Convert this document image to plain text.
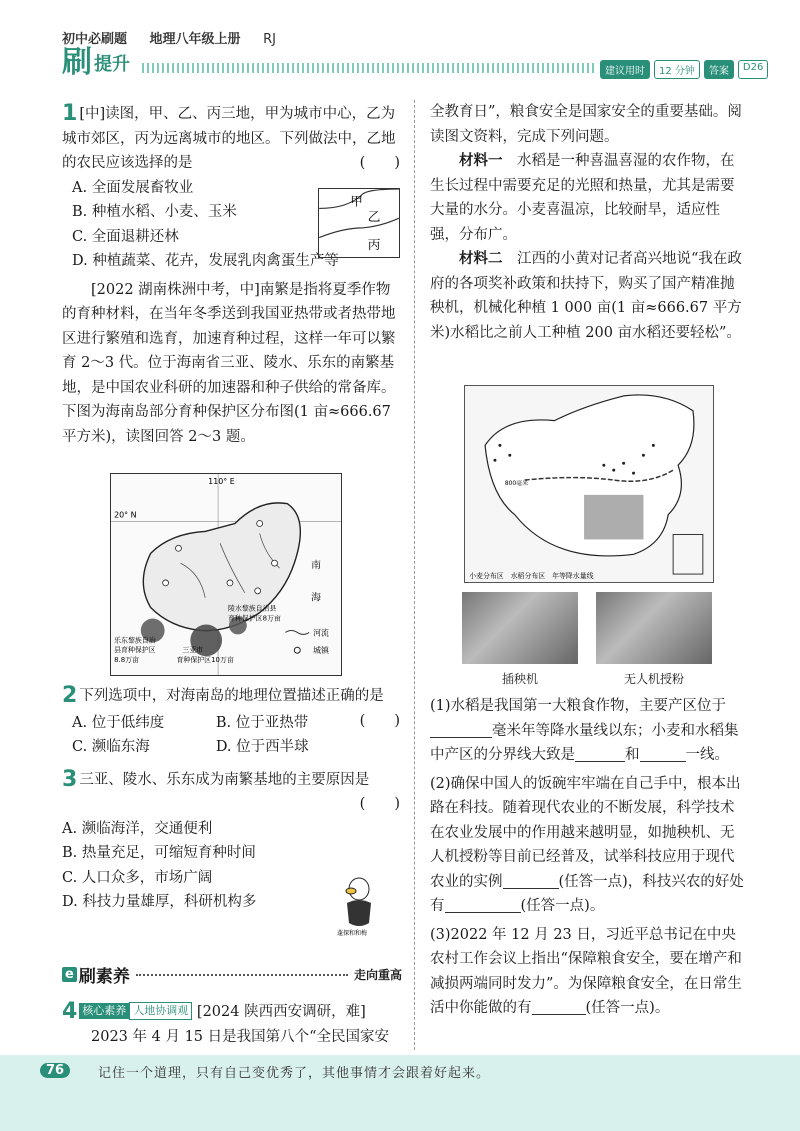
初中必刷题 地理八年级上册 RJ
刷 提升	建议用时	12 分钟	答案	D26
1 [中]读图，甲、乙、丙三地，甲为城市中心，乙为城市郊区，丙为远离城市的地区。下列做法中，乙地的农民应该选择的是	(　　)
A. 全面发展畜牧业
B. 种植水稻、小麦、玉米
C. 全面退耕还林
D. 种植蔬菜、花卉，发展乳肉禽蛋生产等

[2022 湖南株洲中考，中]南繁是指将夏季作物的育种材料，在当年冬季送到我国亚热带或者热带地区进行繁殖和选育，加速育种过程，这样一年可以繁育 2～3 代。位于海南省三亚、陵水、乐东的南繁基地，是中国农业科研的加速器和种子供给的常备库。下图为海南岛部分育种保护区分布图(1 亩≈666.67 平方米)，读图回答 2～3 题。

甲
乙
丙
110° E
20° N
南
海
乐东黎族自治
县育种保护区
8.8万亩
三亚市
育种保护区10万亩
陵水黎族自治县
育种保护区8万亩
河流
城镇
2 下列选项中，对海南岛的地理位置描述正确的是
(　　)
A. 位于低纬度	B. 位于亚热带
C. 濒临东海	D. 位于西半球
3 三亚、陵水、乐东成为南繁基地的主要原因是
(　　)
A. 濒临海洋，交通便利
B. 热量充足，可缩短育种时间
C. 人口众多，市场广阔
D. 科技力量雄厚，科研机构多
蓬探和和梅
e 刷素养	走向重高
4 核心素养 人地协调观 [2024 陕西西安调研，难]
2023 年 4 月 15 日是我国第八个“全民国家安
全教育日”，粮食安全是国家安全的重要基础。阅读图文资料，完成下列问题。
材料一　 水稻是一种喜温喜湿的农作物，在生长过程中需要充足的光照和热量，尤其是需要大量的水分。小麦喜温凉，比较耐旱，适应性强，分布广。
材料二　 江西的小黄对记者高兴地说“我在政府的各项奖补政策和扶持下，购买了国产精准抛秧机，机械化种植 1 000 亩(1 亩≈666.67 平方米)水稻比之前人工种植 200 亩水稻还要轻松”。
小麦分布区　水稻分布区　年等降水量线
800毫米
插秧机	无人机授粉
(1)水稻是我国第一大粮食作物，主要产区位于毫米年等降水量线以东；小麦和水稻集中产区的分界线大致是	和	一线。
(2)确保中国人的饭碗牢牢端在自己手中，根本出路在科技。随着现代农业的不断发展，科学技术在农业发展中的作用越来越明显，如抛秧机、无人机授粉等目前已经普及，试举科技应用于现代农业的实例	(任答一点)，科技兴农的好处有	(任答一点)。
(3)2022 年 12 月 23 日，习近平总书记在中央农村工作会议上指出“保障粮食安全，要在增产和减损两端同时发力”。为保障粮食安全，在日常生活中你能做的有	(任答一点)。
76	记住一个道理，只有自己变优秀了，其他事情才会跟着好起来。
